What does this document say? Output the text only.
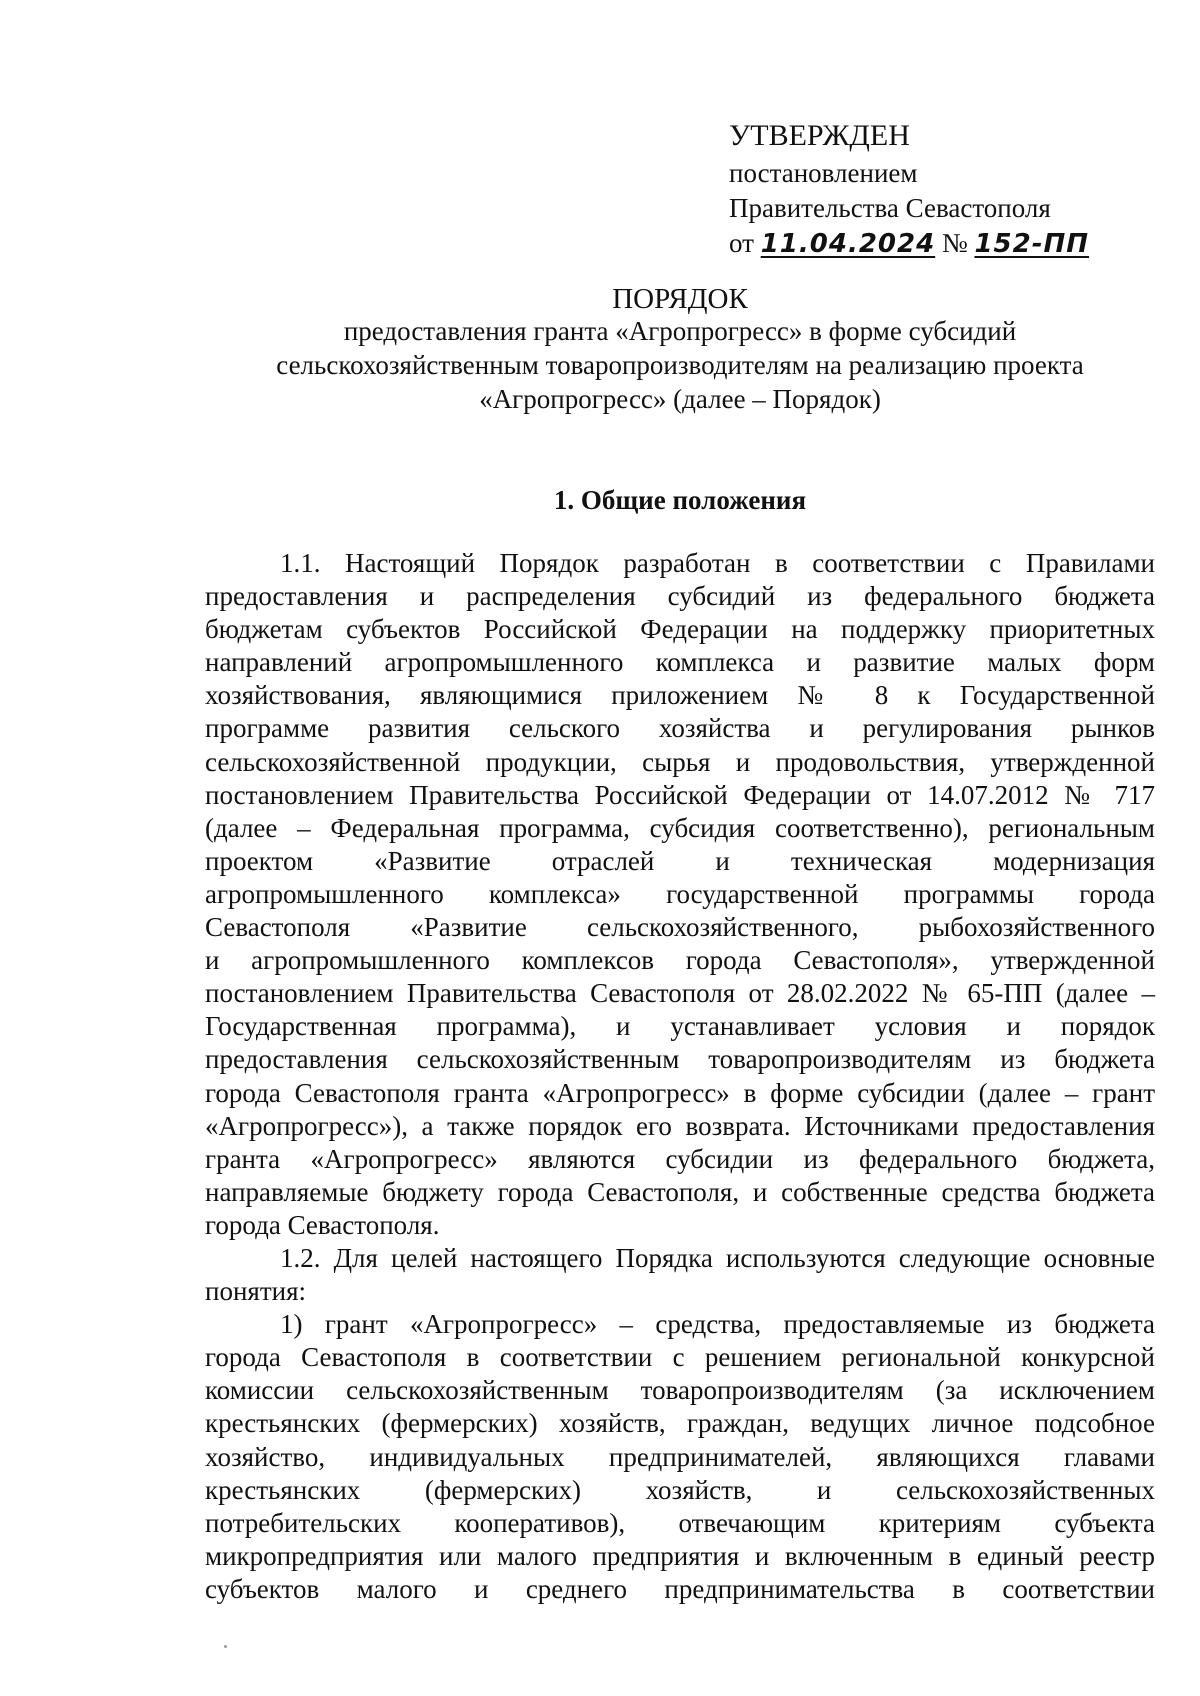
УТВЕРЖДЕН
постановлением
Правительства Севастополя
от 11.04.2024 № 152-ПП
ПОРЯДОК
предоставления гранта «Агропрогресс» в форме субсидий
сельскохозяйственным товаропроизводителям на реализацию проекта
«Агропрогресс» (далее – Порядок)
1. Общие положения
1.1. Настоящий Порядок разработан в соответствии с Правилами
предоставления и распределения субсидий из федерального бюджета
бюджетам субъектов Российской Федерации на поддержку приоритетных
направлений агропромышленного комплекса и развитие малых форм
хозяйствования, являющимися приложением № 8 к Государственной
программе развития сельского хозяйства и регулирования рынков
сельскохозяйственной продукции, сырья и продовольствия, утвержденной
постановлением Правительства Российской Федерации от 14.07.2012 № 717
(далее – Федеральная программа, субсидия соответственно), региональным
проектом «Развитие отраслей и техническая модернизация
агропромышленного комплекса» государственной программы города
Севастополя «Развитие сельскохозяйственного, рыбохозяйственного
и агропромышленного комплексов города Севастополя», утвержденной
постановлением Правительства Севастополя от 28.02.2022 № 65-ПП (далее –
Государственная программа), и устанавливает условия и порядок
предоставления сельскохозяйственным товаропроизводителям из бюджета
города Севастополя гранта «Агропрогресс» в форме субсидии (далее – грант
«Агропрогресс»), а также порядок его возврата. Источниками предоставления
гранта «Агропрогресс» являются субсидии из федерального бюджета,
направляемые бюджету города Севастополя, и собственные средства бюджета
города Севастополя.
1.2. Для целей настоящего Порядка используются следующие основные
понятия:
1) грант «Агропрогресс» – средства, предоставляемые из бюджета
города Севастополя в соответствии с решением региональной конкурсной
комиссии сельскохозяйственным товаропроизводителям (за исключением
крестьянских (фермерских) хозяйств, граждан, ведущих личное подсобное
хозяйство, индивидуальных предпринимателей, являющихся главами
крестьянских (фермерских) хозяйств, и сельскохозяйственных
потребительских кооперативов), отвечающим критериям субъекта
микропредприятия или малого предприятия и включенным в единый реестр
субъектов малого и среднего предпринимательства в соответствии
